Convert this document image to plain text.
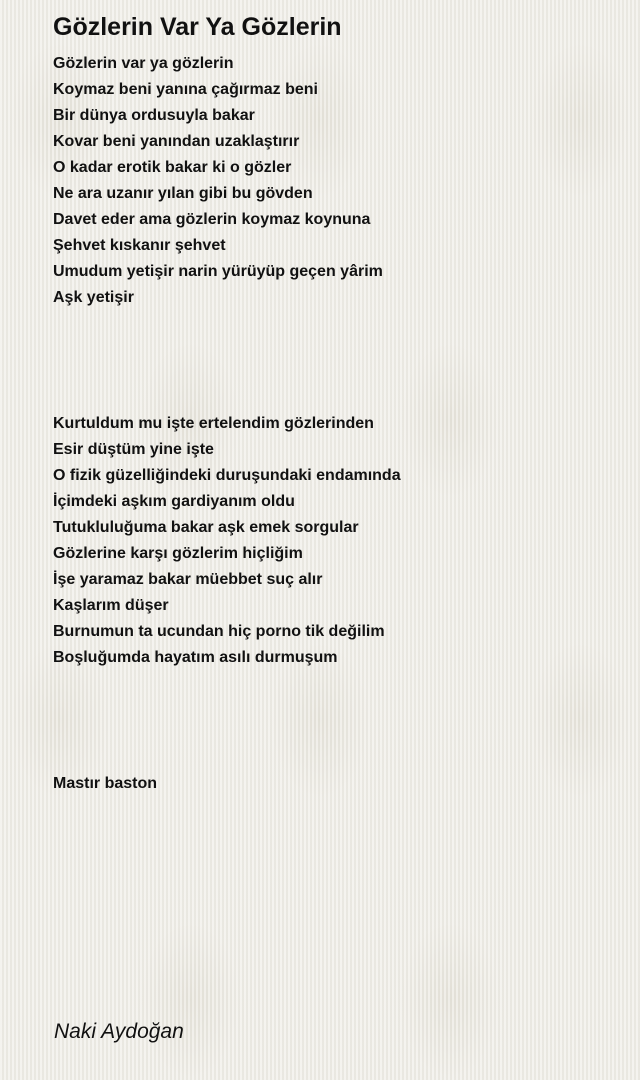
Gözlerin Var Ya Gözlerin
Gözlerin var ya gözlerin
Koymaz beni yanına çağırmaz beni
Bir dünya ordusuyla bakar
Kovar beni yanından uzaklaştırır
O kadar erotik bakar ki o gözler
Ne ara uzanır yılan gibi bu gövden
Davet eder ama gözlerin koymaz koynuna
Şehvet kıskanır şehvet
Umudum yetişir narin yürüyüp geçen yârim
Aşk yetişir
Kurtuldum mu işte ertelendim gözlerinden
Esir düştüm yine işte
O fizik güzelliğindeki duruşundaki endamında
İçimdeki aşkım gardiyanım oldu
Tutukluluğuma bakar aşk emek sorgular
Gözlerine karşı gözlerim hiçliğim
İşe yaramaz bakar müebbet suç alır
Kaşlarım düşer
Burnumun ta ucundan hiç porno tik değilim
Boşluğumda hayatım asılı durmuşum
Mastır baston
Naki Aydoğan
